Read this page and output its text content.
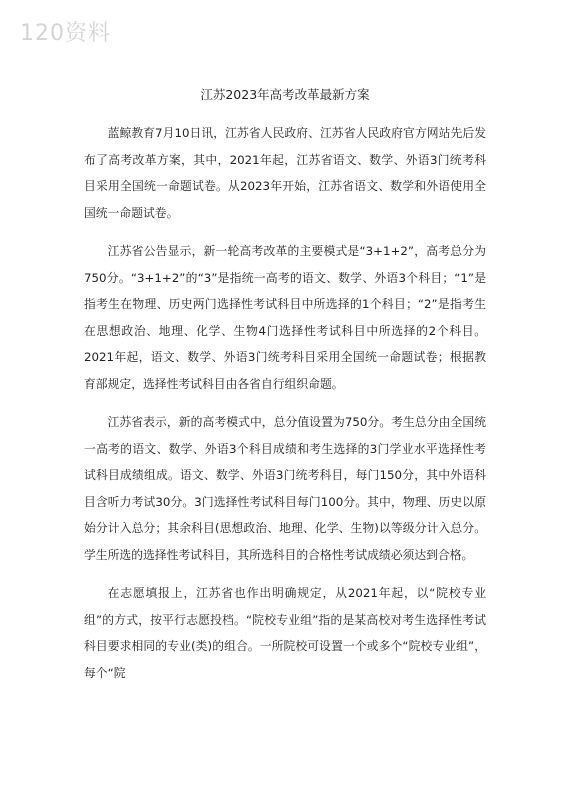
120资料
江苏2023年高考改革最新方案

蓝鲸教育7月10日讯，江苏省人民政府、江苏省人民政府官方网站先后发布了高考改革方案，其中，2021年起，江苏省语文、数学、外语3门统考科目采用全国统一命题试卷。从2023年开始，江苏省语文、数学和外语使用全国统一命题试卷。

江苏省公告显示，新一轮高考改革的主要模式是“3+1+2”，高考总分为750分。“3+1+2”的“3”是指统一高考的语文、数学、外语3个科目；“1”是指考生在物理、历史两门选择性考试科目中所选择的1个科目；“2”是指考生在思想政治、地理、化学、生物4门选择性考试科目中所选择的2个科目。2021年起，语文、数学、外语3门统考科目采用全国统一命题试卷；根据教育部规定，选择性考试科目由各省自行组织命题。

江苏省表示，新的高考模式中，总分值设置为750分。考生总分由全国统一高考的语文、数学、外语3个科目成绩和考生选择的3门学业水平选择性考试科目成绩组成。语文、数学、外语3门统考科目，每门150分，其中外语科目含听力考试30分。3门选择性考试科目每门100分。其中，物理、历史以原始分计入总分；其余科目(思想政治、地理、化学、生物)以等级分计入总分。学生所选的选择性考试科目，其所选科目的合格性考试成绩必须达到合格。

在志愿填报上，江苏省也作出明确规定，从2021年起，以“院校专业组”的方式，按平行志愿投档。“院校专业组”指的是某高校对考生选择性考试科目要求相同的专业(类)的组合。一所院校可设置一个或多个“院校专业组”，每个“院
